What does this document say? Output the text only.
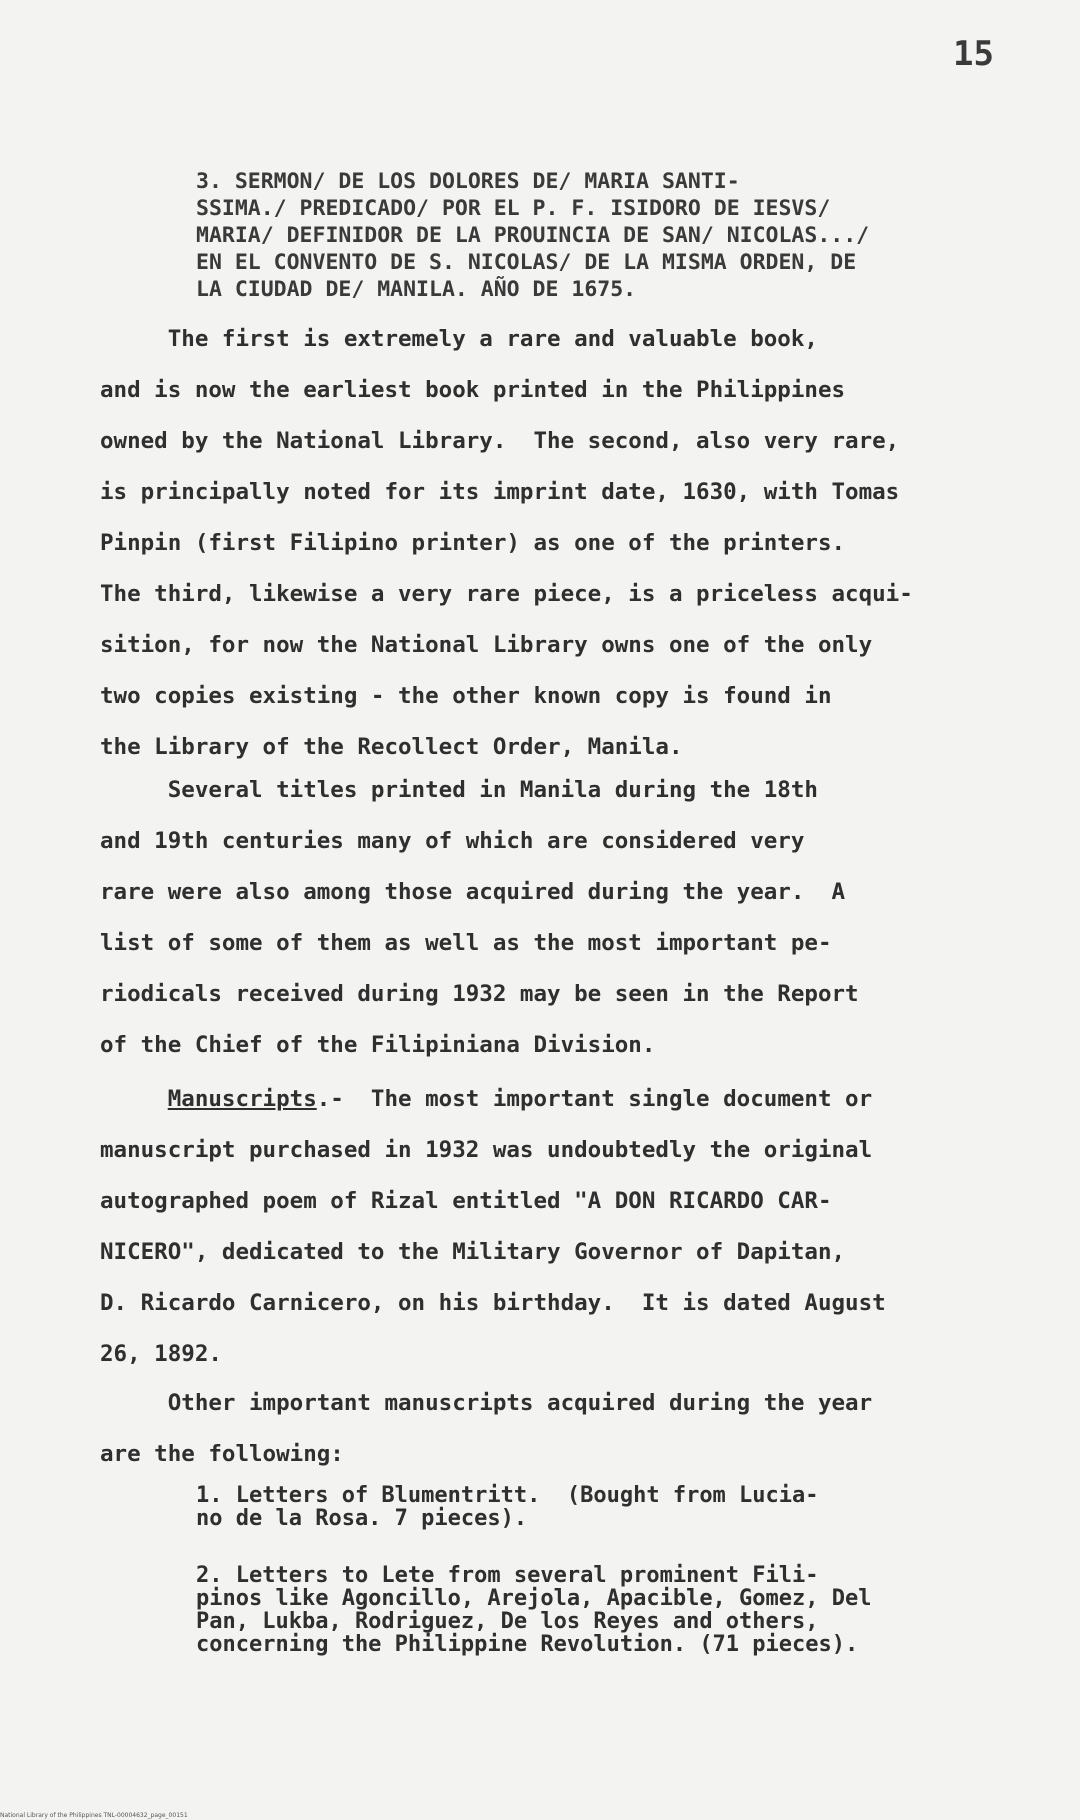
15
3. SERMON/ DE LOS DOLORES DE/ MARIA SANTI-
SSIMA./ PREDICADO/ POR EL P. F. ISIDORO DE IESVS/
MARIA/ DEFINIDOR DE LA PROUINCIA DE SAN/ NICOLAS.../
EN EL CONVENTO DE S. NICOLAS/ DE LA MISMA ORDEN, DE
LA CIUDAD DE/ MANILA. AÑO DE 1675.
The first is extremely a rare and valuable book,
and is now the earliest book printed in the Philippines
owned by the National Library.  The second, also very rare,
is principally noted for its imprint date, 1630, with Tomas
Pinpin (first Filipino printer) as one of the printers.
The third, likewise a very rare piece, is a priceless acqui-
sition, for now the National Library owns one of the only
two copies existing - the other known copy is found in
the Library of the Recollect Order, Manila.
Several titles printed in Manila during the 18th
and 19th centuries many of which are considered very
rare were also among those acquired during the year.  A
list of some of them as well as the most important pe-
riodicals received during 1932 may be seen in the Report
of the Chief of the Filipiniana Division.
Manuscripts.-  The most important single document or
manuscript purchased in 1932 was undoubtedly the original
autographed poem of Rizal entitled "A DON RICARDO CAR-
NICERO", dedicated to the Military Governor of Dapitan,
D. Ricardo Carnicero, on his birthday.  It is dated August
26, 1892.
Other important manuscripts acquired during the year
are the following:
1. Letters of Blumentritt.  (Bought from Lucia-
no de la Rosa. 7 pieces).
2. Letters to Lete from several prominent Fili-
pinos like Agoncillo, Arejola, Apacible, Gomez, Del
Pan, Lukba, Rodriguez, De los Reyes and others,
concerning the Philippine Revolution. (71 pieces).
National Library of the Philippines TNL-00004632_page_00151
